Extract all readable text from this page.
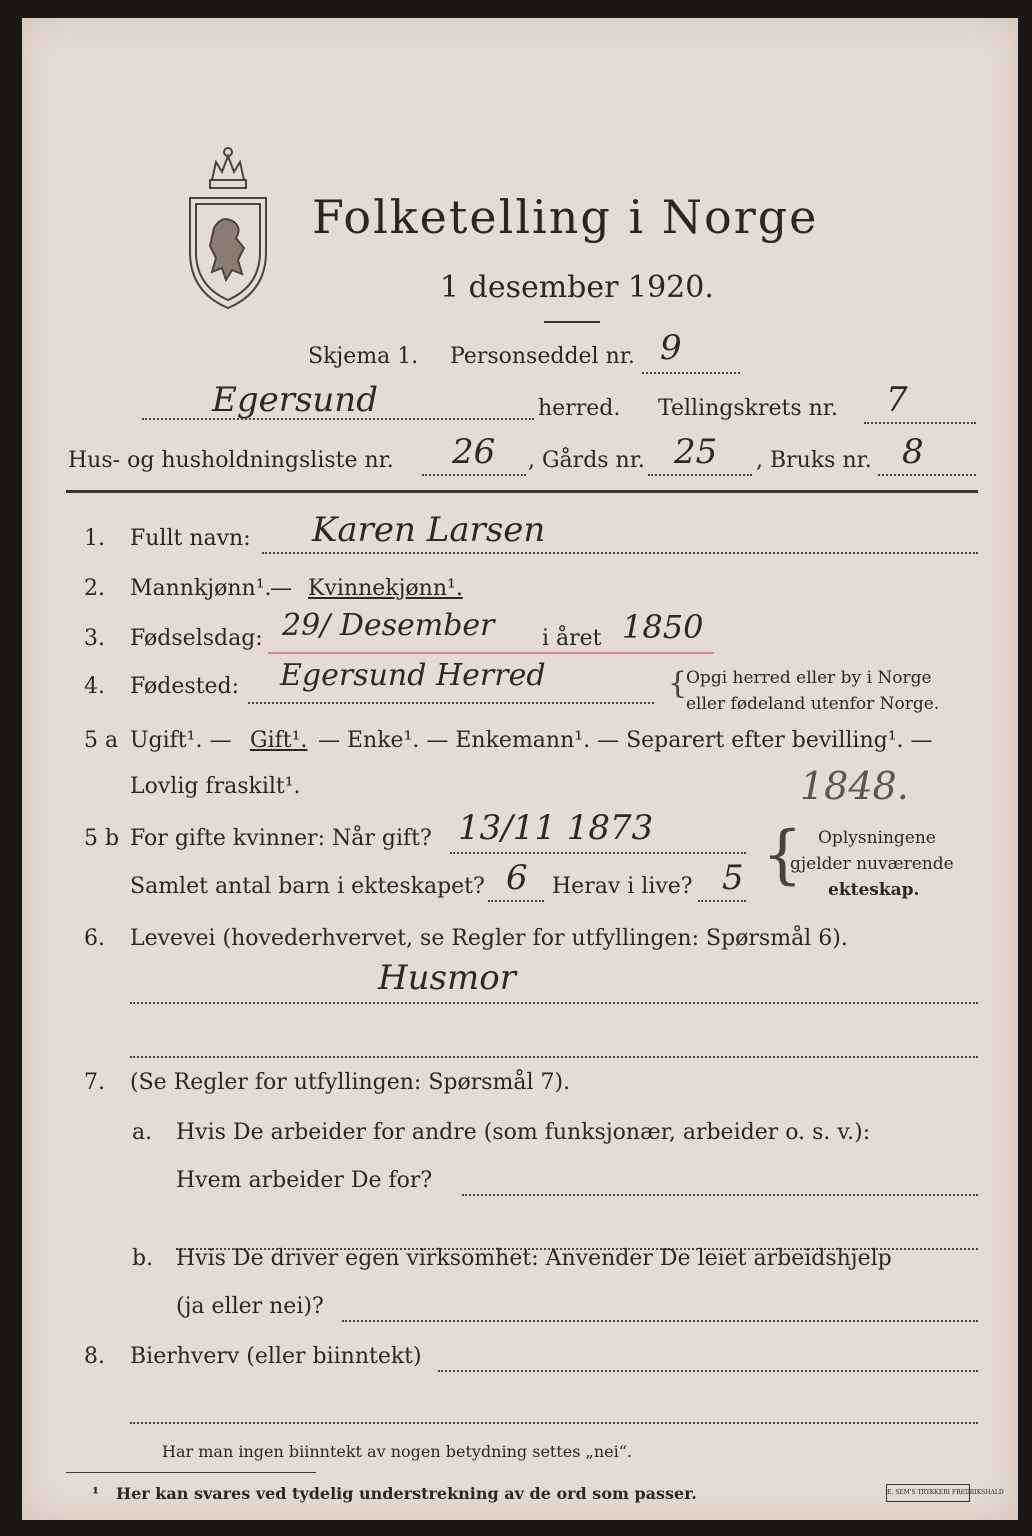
Folketelling i Norge
1 desember 1920.
Skjema 1. Personseddel nr. 9
Egersund	herred. Tellingskrets nr. 7
Hus- og husholdningsliste nr. 26 , Gårds nr. 25 , Bruks nr. 8
1. Fullt navn: Karen Larsen
2. Mannkjønn¹.
— Kvinnekjønn¹.
3. Fødselsdag: 29/ Desember i året 1850
4. Fødested: Egersund Herred	{
Opgi herred eller by i Norge
eller fødeland utenfor Norge.
5 a Ugift¹. — Gift¹. — Enke¹. — Enkemann¹. — Separert efter bevilling¹. —
Lovlig fraskilt¹.	1848.
5 b For gifte kvinner: Når gift? 13/11 1873
Samlet antal barn i ekteskapet? 6 Herav i live? 5 { Oplysningene
gjelder nuværende
ekteskap.
6. Levevei (hovederhvervet, se Regler for utfyllingen: Spørsmål 6).
Husmor
7. (Se Regler for utfyllingen: Spørsmål 7).
a. Hvis De arbeider for andre (som funksjonær, arbeider o. s. v.):
Hvem arbeider De for?
b. Hvis De driver egen virksomhet: Anvender De leiet arbeidshjelp
(ja eller nei)?
8. Bierhverv (eller biinntekt)
Har man ingen biinntekt av nogen betydning settes „nei“.
¹ Her kan svares ved tydelig understrekning av de ord som passer.	E. SEM'S TRYKKERI FREDRIKSHALD
